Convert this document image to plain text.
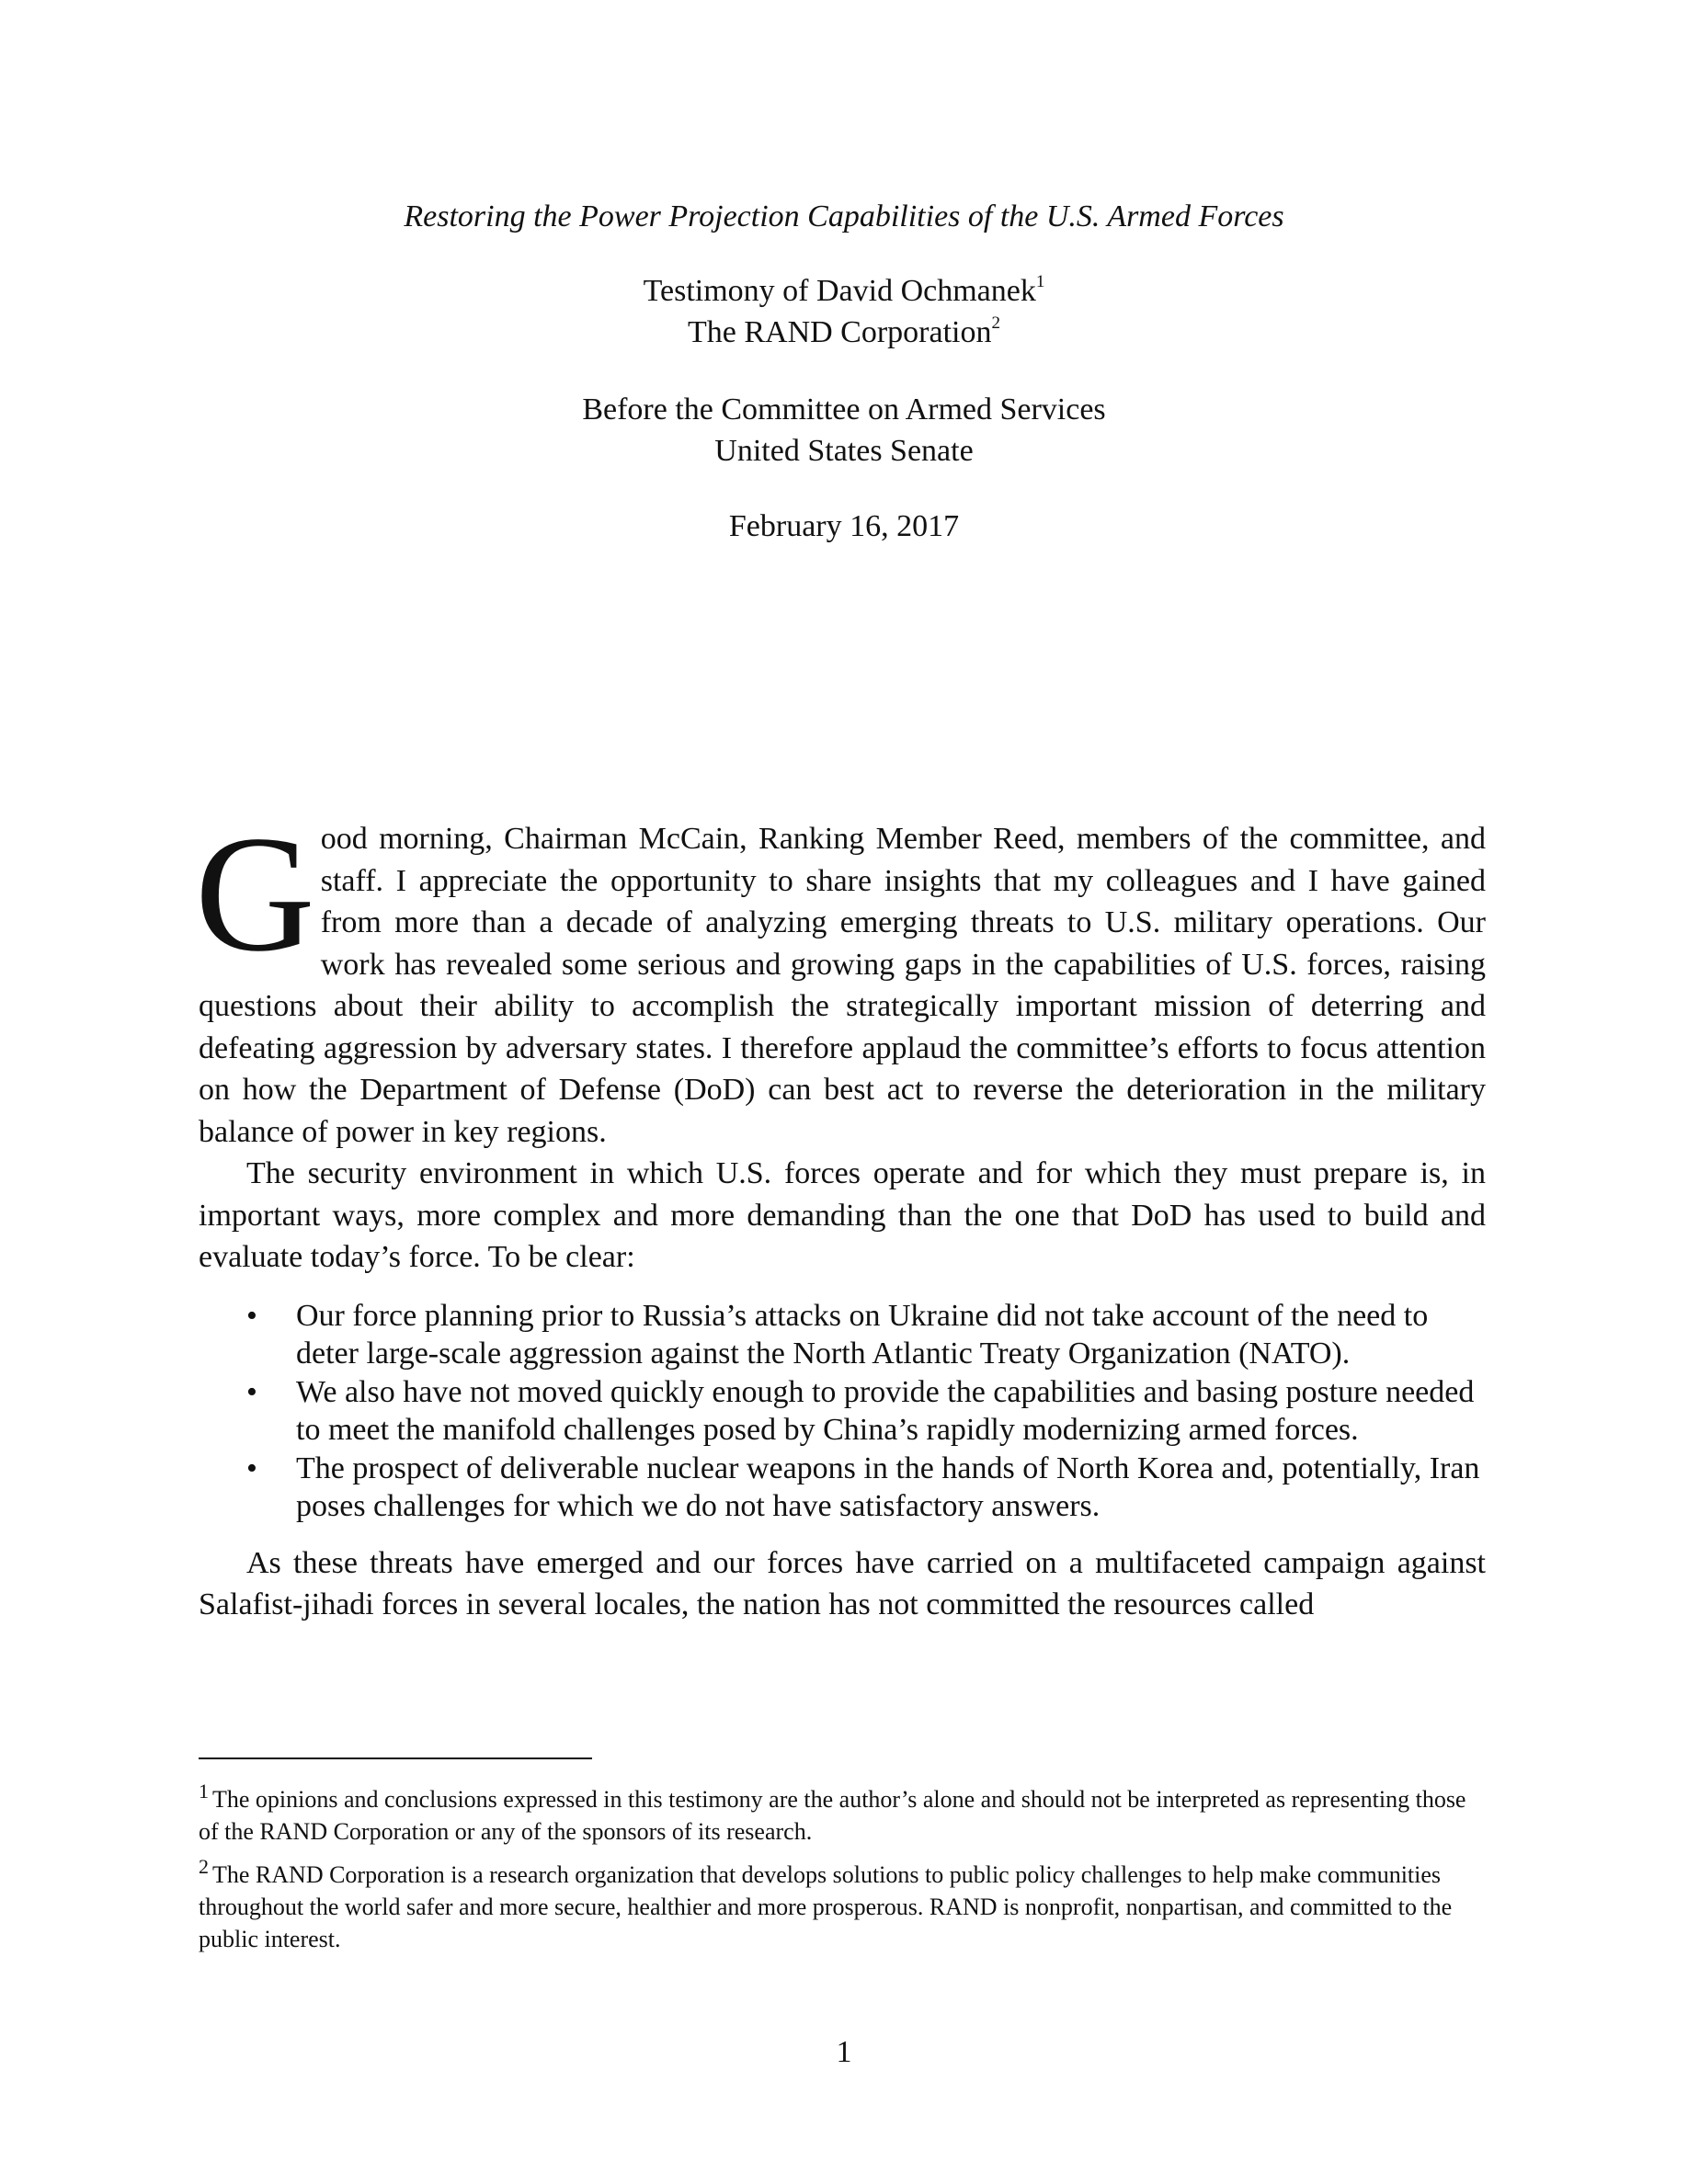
Restoring the Power Projection Capabilities of the U.S. Armed Forces
Testimony of David Ochmanek$^1$
The RAND Corporation$^2$
Before the Committee on Armed Services
United States Senate
February 16, 2017

Good morning, Chairman McCain, Ranking Member Reed, members of the committee, and staff. I appreciate the opportunity to share insights that my colleagues and I have gained from more than a decade of analyzing emerging threats to U.S. military operations. Our work has revealed some serious and growing gaps in the capabilities of U.S. forces, raising questions about their ability to accomplish the strategically important mission of deterring and defeating aggression by adversary states. I therefore applaud the committee’s efforts to focus attention on how the Department of Defense (DoD) can best act to reverse the deterioration in the military balance of power in key regions.

The security environment in which U.S. forces operate and for which they must prepare is, in important ways, more complex and more demanding than the one that DoD has used to build and evaluate today’s force. To be clear:

• Our force planning prior to Russia’s attacks on Ukraine did not take account of the need to deter large-scale aggression against the North Atlantic Treaty Organization (NATO).
• We also have not moved quickly enough to provide the capabilities and basing posture needed to meet the manifold challenges posed by China’s rapidly modernizing armed forces.
• The prospect of deliverable nuclear weapons in the hands of North Korea and, potentially, Iran poses challenges for which we do not have satisfactory answers.

As these threats have emerged and our forces have carried on a multifaceted campaign against Salafist-jihadi forces in several locales, the nation has not committed the resources called

$^1$ The opinions and conclusions expressed in this testimony are the author’s alone and should not be interpreted as representing those of the RAND Corporation or any of the sponsors of its research.

$^2$ The RAND Corporation is a research organization that develops solutions to public policy challenges to help make communities throughout the world safer and more secure, healthier and more prosperous. RAND is nonprofit, nonpartisan, and committed to the public interest.

1
